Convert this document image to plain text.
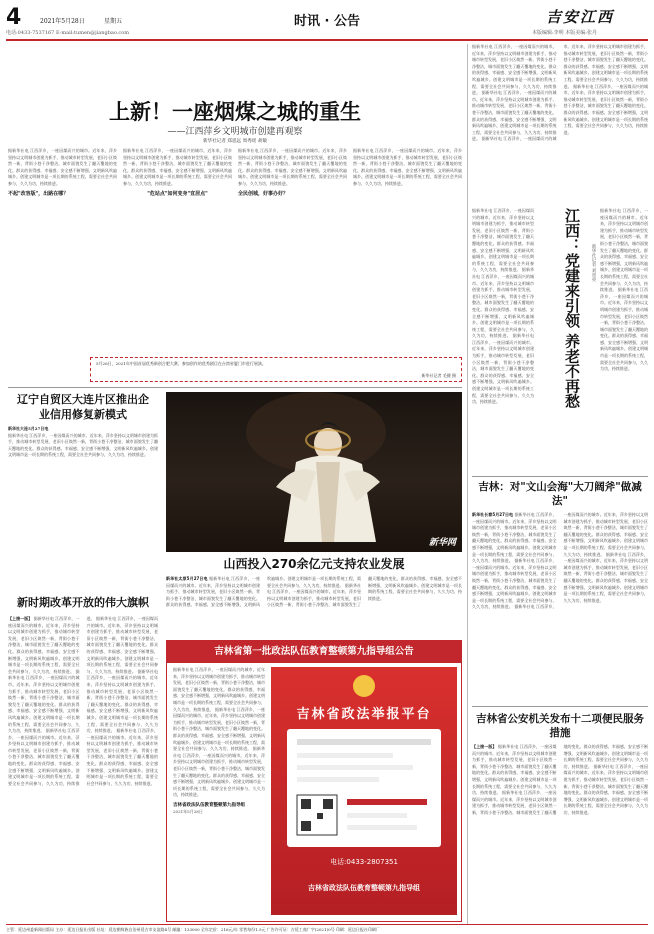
4	2021年5月28日	星期五	时讯 · 公告	吉安江西
电话:0433-7537167 E-mail:tumen@jiangbao.com	本版编辑:李明 本版美编:张丹
上新！一座烟煤之城的重生
——江西萍乡文明城市创建再观察
新华社记者 郑思远 周秀瑶 胡敏
据新华社电 江西萍乡，一座因煤而兴的城市。近年来，萍乡坚持以文明城市创建为抓手，推动城市转型发展，老旧小区焕然一新，背街小巷干净整洁，城市面貌发生了翻天覆地的变化。群众的获得感、幸福感、安全感不断增强，文明新风吹遍城乡。创建文明城市是一项长期的系统工程，需要全社会共同参与，久久为功，持续推进。
不起"改容版"，出路在哪？
据新华社电 江西萍乡，一座因煤而兴的城市。近年来，萍乡坚持以文明城市创建为抓手，推动城市转型发展，老旧小区焕然一新，背街小巷干净整洁，城市面貌发生了翻天覆地的变化。群众的获得感、幸福感、安全感不断增强，文明新风吹遍城乡。创建文明城市是一项长期的系统工程，需要全社会共同参与，久久为功，持续推进。
"危站点"如何变身"宜居点"
据新华社电 江西萍乡，一座因煤而兴的城市。近年来，萍乡坚持以文明城市创建为抓手，推动城市转型发展，老旧小区焕然一新，背街小巷干净整洁，城市面貌发生了翻天覆地的变化。群众的获得感、幸福感、安全感不断增强，文明新风吹遍城乡。创建文明城市是一项长期的系统工程，需要全社会共同参与，久久为功，持续推进。
全民创城，好事办好？
据新华社电 江西萍乡，一座因煤而兴的城市。近年来，萍乡坚持以文明城市创建为抓手，推动城市转型发展，老旧小区焕然一新，背街小巷干净整洁，城市面貌发生了翻天覆地的变化。群众的获得感、幸福感、安全感不断增强，文明新风吹遍城乡。创建文明城市是一项长期的系统工程，需要全社会共同参与，久久为功，持续推进。
5月26日，2021年中国首届优秀新创合肥大赛，参加创作的优秀剧目在台湾省厦门市进行展演。
新华社记者 毛健 摄
辽宁自贸区大连片区推出企业信用修复新模式
新华社大连5月27日电
据新华社电 江西萍乡，一座因煤而兴的城市。近年来，萍乡坚持以文明城市创建为抓手，推动城市转型发展，老旧小区焕然一新，背街小巷干净整洁，城市面貌发生了翻天覆地的变化。群众的获得感、幸福感、安全感不断增强，文明新风吹遍城乡。创建文明城市是一项长期的系统工程，需要全社会共同参与，久久为功，持续推进。
新华网
山西投入270余亿元支持农业发展
新华社太原5月27日电 据新华社电 江西萍乡，一座因煤而兴的城市。近年来，萍乡坚持以文明城市创建为抓手，推动城市转型发展，老旧小区焕然一新，背街小巷干净整洁，城市面貌发生了翻天覆地的变化。群众的获得感、幸福感、安全感不断增强，文明新风吹遍城乡。创建文明城市是一项长期的系统工程，需要全社会共同参与，久久为功，持续推进。 据新华社电 江西萍乡，一座因煤而兴的城市。近年来，萍乡坚持以文明城市创建为抓手，推动城市转型发展，老旧小区焕然一新，背街小巷干净整洁，城市面貌发生了翻天覆地的变化。群众的获得感、幸福感、安全感不断增强，文明新风吹遍城乡。创建文明城市是一项长期的系统工程，需要全社会共同参与，久久为功，持续推进。
新时期改革开放的伟大旗帜
【上接一版】 据新华社电 江西萍乡，一座因煤而兴的城市。近年来，萍乡坚持以文明城市创建为抓手，推动城市转型发展，老旧小区焕然一新，背街小巷干净整洁，城市面貌发生了翻天覆地的变化。群众的获得感、幸福感、安全感不断增强，文明新风吹遍城乡。创建文明城市是一项长期的系统工程，需要全社会共同参与，久久为功，持续推进。 据新华社电 江西萍乡，一座因煤而兴的城市。近年来，萍乡坚持以文明城市创建为抓手，推动城市转型发展，老旧小区焕然一新，背街小巷干净整洁，城市面貌发生了翻天覆地的变化。群众的获得感、幸福感、安全感不断增强，文明新风吹遍城乡。创建文明城市是一项长期的系统工程，需要全社会共同参与，久久为功，持续推进。 据新华社电 江西萍乡，一座因煤而兴的城市。近年来，萍乡坚持以文明城市创建为抓手，推动城市转型发展，老旧小区焕然一新，背街小巷干净整洁，城市面貌发生了翻天覆地的变化。群众的获得感、幸福感、安全感不断增强，文明新风吹遍城乡。创建文明城市是一项长期的系统工程，需要全社会共同参与，久久为功，持续推进。 据新华社电 江西萍乡，一座因煤而兴的城市。近年来，萍乡坚持以文明城市创建为抓手，推动城市转型发展，老旧小区焕然一新，背街小巷干净整洁，城市面貌发生了翻天覆地的变化。群众的获得感、幸福感、安全感不断增强，文明新风吹遍城乡。创建文明城市是一项长期的系统工程，需要全社会共同参与，久久为功，持续推进。 据新华社电 江西萍乡，一座因煤而兴的城市。近年来，萍乡坚持以文明城市创建为抓手，推动城市转型发展，老旧小区焕然一新，背街小巷干净整洁，城市面貌发生了翻天覆地的变化。群众的获得感、幸福感、安全感不断增强，文明新风吹遍城乡。创建文明城市是一项长期的系统工程，需要全社会共同参与，久久为功，持续推进。 据新华社电 江西萍乡，一座因煤而兴的城市。近年来，萍乡坚持以文明城市创建为抓手，推动城市转型发展，老旧小区焕然一新，背街小巷干净整洁，城市面貌发生了翻天覆地的变化。群众的获得感、幸福感、安全感不断增强，文明新风吹遍城乡。创建文明城市是一项长期的系统工程，需要全社会共同参与，久久为功，持续推进。
吉林省第一批政法队伍教育整顿第九指导组公告
据新华社电 江西萍乡，一座因煤而兴的城市。近年来，萍乡坚持以文明城市创建为抓手，推动城市转型发展，老旧小区焕然一新，背街小巷干净整洁，城市面貌发生了翻天覆地的变化。群众的获得感、幸福感、安全感不断增强，文明新风吹遍城乡。创建文明城市是一项长期的系统工程，需要全社会共同参与，久久为功，持续推进。 据新华社电 江西萍乡，一座因煤而兴的城市。近年来，萍乡坚持以文明城市创建为抓手，推动城市转型发展，老旧小区焕然一新，背街小巷干净整洁，城市面貌发生了翻天覆地的变化。群众的获得感、幸福感、安全感不断增强，文明新风吹遍城乡。创建文明城市是一项长期的系统工程，需要全社会共同参与，久久为功，持续推进。 据新华社电 江西萍乡，一座因煤而兴的城市。近年来，萍乡坚持以文明城市创建为抓手，推动城市转型发展，老旧小区焕然一新，背街小巷干净整洁，城市面貌发生了翻天覆地的变化。群众的获得感、幸福感、安全感不断增强，文明新风吹遍城乡。创建文明城市是一项长期的系统工程，需要全社会共同参与，久久为功，持续推进。
吉林省政法队伍教育整顿第九指导组
2021年5月28日
吉林省政法举报平台
电话:0433-2807351
吉林省政法队伍教育整顿第九指导组
据新华社电 江西萍乡，一座因煤而兴的城市。近年来，萍乡坚持以文明城市创建为抓手，推动城市转型发展，老旧小区焕然一新，背街小巷干净整洁，城市面貌发生了翻天覆地的变化。群众的获得感、幸福感、安全感不断增强，文明新风吹遍城乡。创建文明城市是一项长期的系统工程，需要全社会共同参与，久久为功，持续推进。 据新华社电 江西萍乡，一座因煤而兴的城市。近年来，萍乡坚持以文明城市创建为抓手，推动城市转型发展，老旧小区焕然一新，背街小巷干净整洁，城市面貌发生了翻天覆地的变化。群众的获得感、幸福感、安全感不断增强，文明新风吹遍城乡。创建文明城市是一项长期的系统工程，需要全社会共同参与，久久为功，持续推进。 据新华社电 江西萍乡，一座因煤而兴的城市。近年来，萍乡坚持以文明城市创建为抓手，推动城市转型发展，老旧小区焕然一新，背街小巷干净整洁，城市面貌发生了翻天覆地的变化。群众的获得感、幸福感、安全感不断增强，文明新风吹遍城乡。创建文明城市是一项长期的系统工程，需要全社会共同参与，久久为功，持续推进。 据新华社电 江西萍乡，一座因煤而兴的城市。近年来，萍乡坚持以文明城市创建为抓手，推动城市转型发展，老旧小区焕然一新，背街小巷干净整洁，城市面貌发生了翻天覆地的变化。群众的获得感、幸福感、安全感不断增强，文明新风吹遍城乡。创建文明城市是一项长期的系统工程，需要全社会共同参与，久久为功，持续推进。
江西：党建来引领 养老不再愁	新华社记者 刘亮亮
据新华社电 江西萍乡，一座因煤而兴的城市。近年来，萍乡坚持以文明城市创建为抓手，推动城市转型发展，老旧小区焕然一新，背街小巷干净整洁，城市面貌发生了翻天覆地的变化。群众的获得感、幸福感、安全感不断增强，文明新风吹遍城乡。创建文明城市是一项长期的系统工程，需要全社会共同参与，久久为功，持续推进。 据新华社电 江西萍乡，一座因煤而兴的城市。近年来，萍乡坚持以文明城市创建为抓手，推动城市转型发展，老旧小区焕然一新，背街小巷干净整洁，城市面貌发生了翻天覆地的变化。群众的获得感、幸福感、安全感不断增强，文明新风吹遍城乡。创建文明城市是一项长期的系统工程，需要全社会共同参与，久久为功，持续推进。 据新华社电 江西萍乡，一座因煤而兴的城市。近年来，萍乡坚持以文明城市创建为抓手，推动城市转型发展，老旧小区焕然一新，背街小巷干净整洁，城市面貌发生了翻天覆地的变化。群众的获得感、幸福感、安全感不断增强，文明新风吹遍城乡。创建文明城市是一项长期的系统工程，需要全社会共同参与，久久为功，持续推进。
据新华社电 江西萍乡，一座因煤而兴的城市。近年来，萍乡坚持以文明城市创建为抓手，推动城市转型发展，老旧小区焕然一新，背街小巷干净整洁，城市面貌发生了翻天覆地的变化。群众的获得感、幸福感、安全感不断增强，文明新风吹遍城乡。创建文明城市是一项长期的系统工程，需要全社会共同参与，久久为功，持续推进。 据新华社电 江西萍乡，一座因煤而兴的城市。近年来，萍乡坚持以文明城市创建为抓手，推动城市转型发展，老旧小区焕然一新，背街小巷干净整洁，城市面貌发生了翻天覆地的变化。群众的获得感、幸福感、安全感不断增强，文明新风吹遍城乡。创建文明城市是一项长期的系统工程，需要全社会共同参与，久久为功，持续推进。
吉林：对"文山会海"大刀阔斧"做减法"
新华社长春5月27日电 据新华社电 江西萍乡，一座因煤而兴的城市。近年来，萍乡坚持以文明城市创建为抓手，推动城市转型发展，老旧小区焕然一新，背街小巷干净整洁，城市面貌发生了翻天覆地的变化。群众的获得感、幸福感、安全感不断增强，文明新风吹遍城乡。创建文明城市是一项长期的系统工程，需要全社会共同参与，久久为功，持续推进。 据新华社电 江西萍乡，一座因煤而兴的城市。近年来，萍乡坚持以文明城市创建为抓手，推动城市转型发展，老旧小区焕然一新，背街小巷干净整洁，城市面貌发生了翻天覆地的变化。群众的获得感、幸福感、安全感不断增强，文明新风吹遍城乡。创建文明城市是一项长期的系统工程，需要全社会共同参与，久久为功，持续推进。 据新华社电 江西萍乡，一座因煤而兴的城市。近年来，萍乡坚持以文明城市创建为抓手，推动城市转型发展，老旧小区焕然一新，背街小巷干净整洁，城市面貌发生了翻天覆地的变化。群众的获得感、幸福感、安全感不断增强，文明新风吹遍城乡。创建文明城市是一项长期的系统工程，需要全社会共同参与，久久为功，持续推进。 据新华社电 江西萍乡，一座因煤而兴的城市。近年来，萍乡坚持以文明城市创建为抓手，推动城市转型发展，老旧小区焕然一新，背街小巷干净整洁，城市面貌发生了翻天覆地的变化。群众的获得感、幸福感、安全感不断增强，文明新风吹遍城乡。创建文明城市是一项长期的系统工程，需要全社会共同参与，久久为功，持续推进。
吉林省公安机关发布十二项便民服务措施
【上接一版】 据新华社电 江西萍乡，一座因煤而兴的城市。近年来，萍乡坚持以文明城市创建为抓手，推动城市转型发展，老旧小区焕然一新，背街小巷干净整洁，城市面貌发生了翻天覆地的变化。群众的获得感、幸福感、安全感不断增强，文明新风吹遍城乡。创建文明城市是一项长期的系统工程，需要全社会共同参与，久久为功，持续推进。 据新华社电 江西萍乡，一座因煤而兴的城市。近年来，萍乡坚持以文明城市创建为抓手，推动城市转型发展，老旧小区焕然一新，背街小巷干净整洁，城市面貌发生了翻天覆地的变化。群众的获得感、幸福感、安全感不断增强，文明新风吹遍城乡。创建文明城市是一项长期的系统工程，需要全社会共同参与，久久为功，持续推进。 据新华社电 江西萍乡，一座因煤而兴的城市。近年来，萍乡坚持以文明城市创建为抓手，推动城市转型发展，老旧小区焕然一新，背街小巷干净整洁，城市面貌发生了翻天覆地的变化。群众的获得感、幸福感、安全感不断增强，文明新风吹遍城乡。创建文明城市是一项长期的系统工程，需要全社会共同参与，久久为功，持续推进。
主管：延边州委新闻出版局 主办：延边日报社出版 社址：延边朝鲜族自治州延吉市友谊路4号 邮编：133000 全年定价：216元/年 零售每份1.5元 广告许可证：吉延工商广字(2021)0号 印刷：延边日报社印刷厂
